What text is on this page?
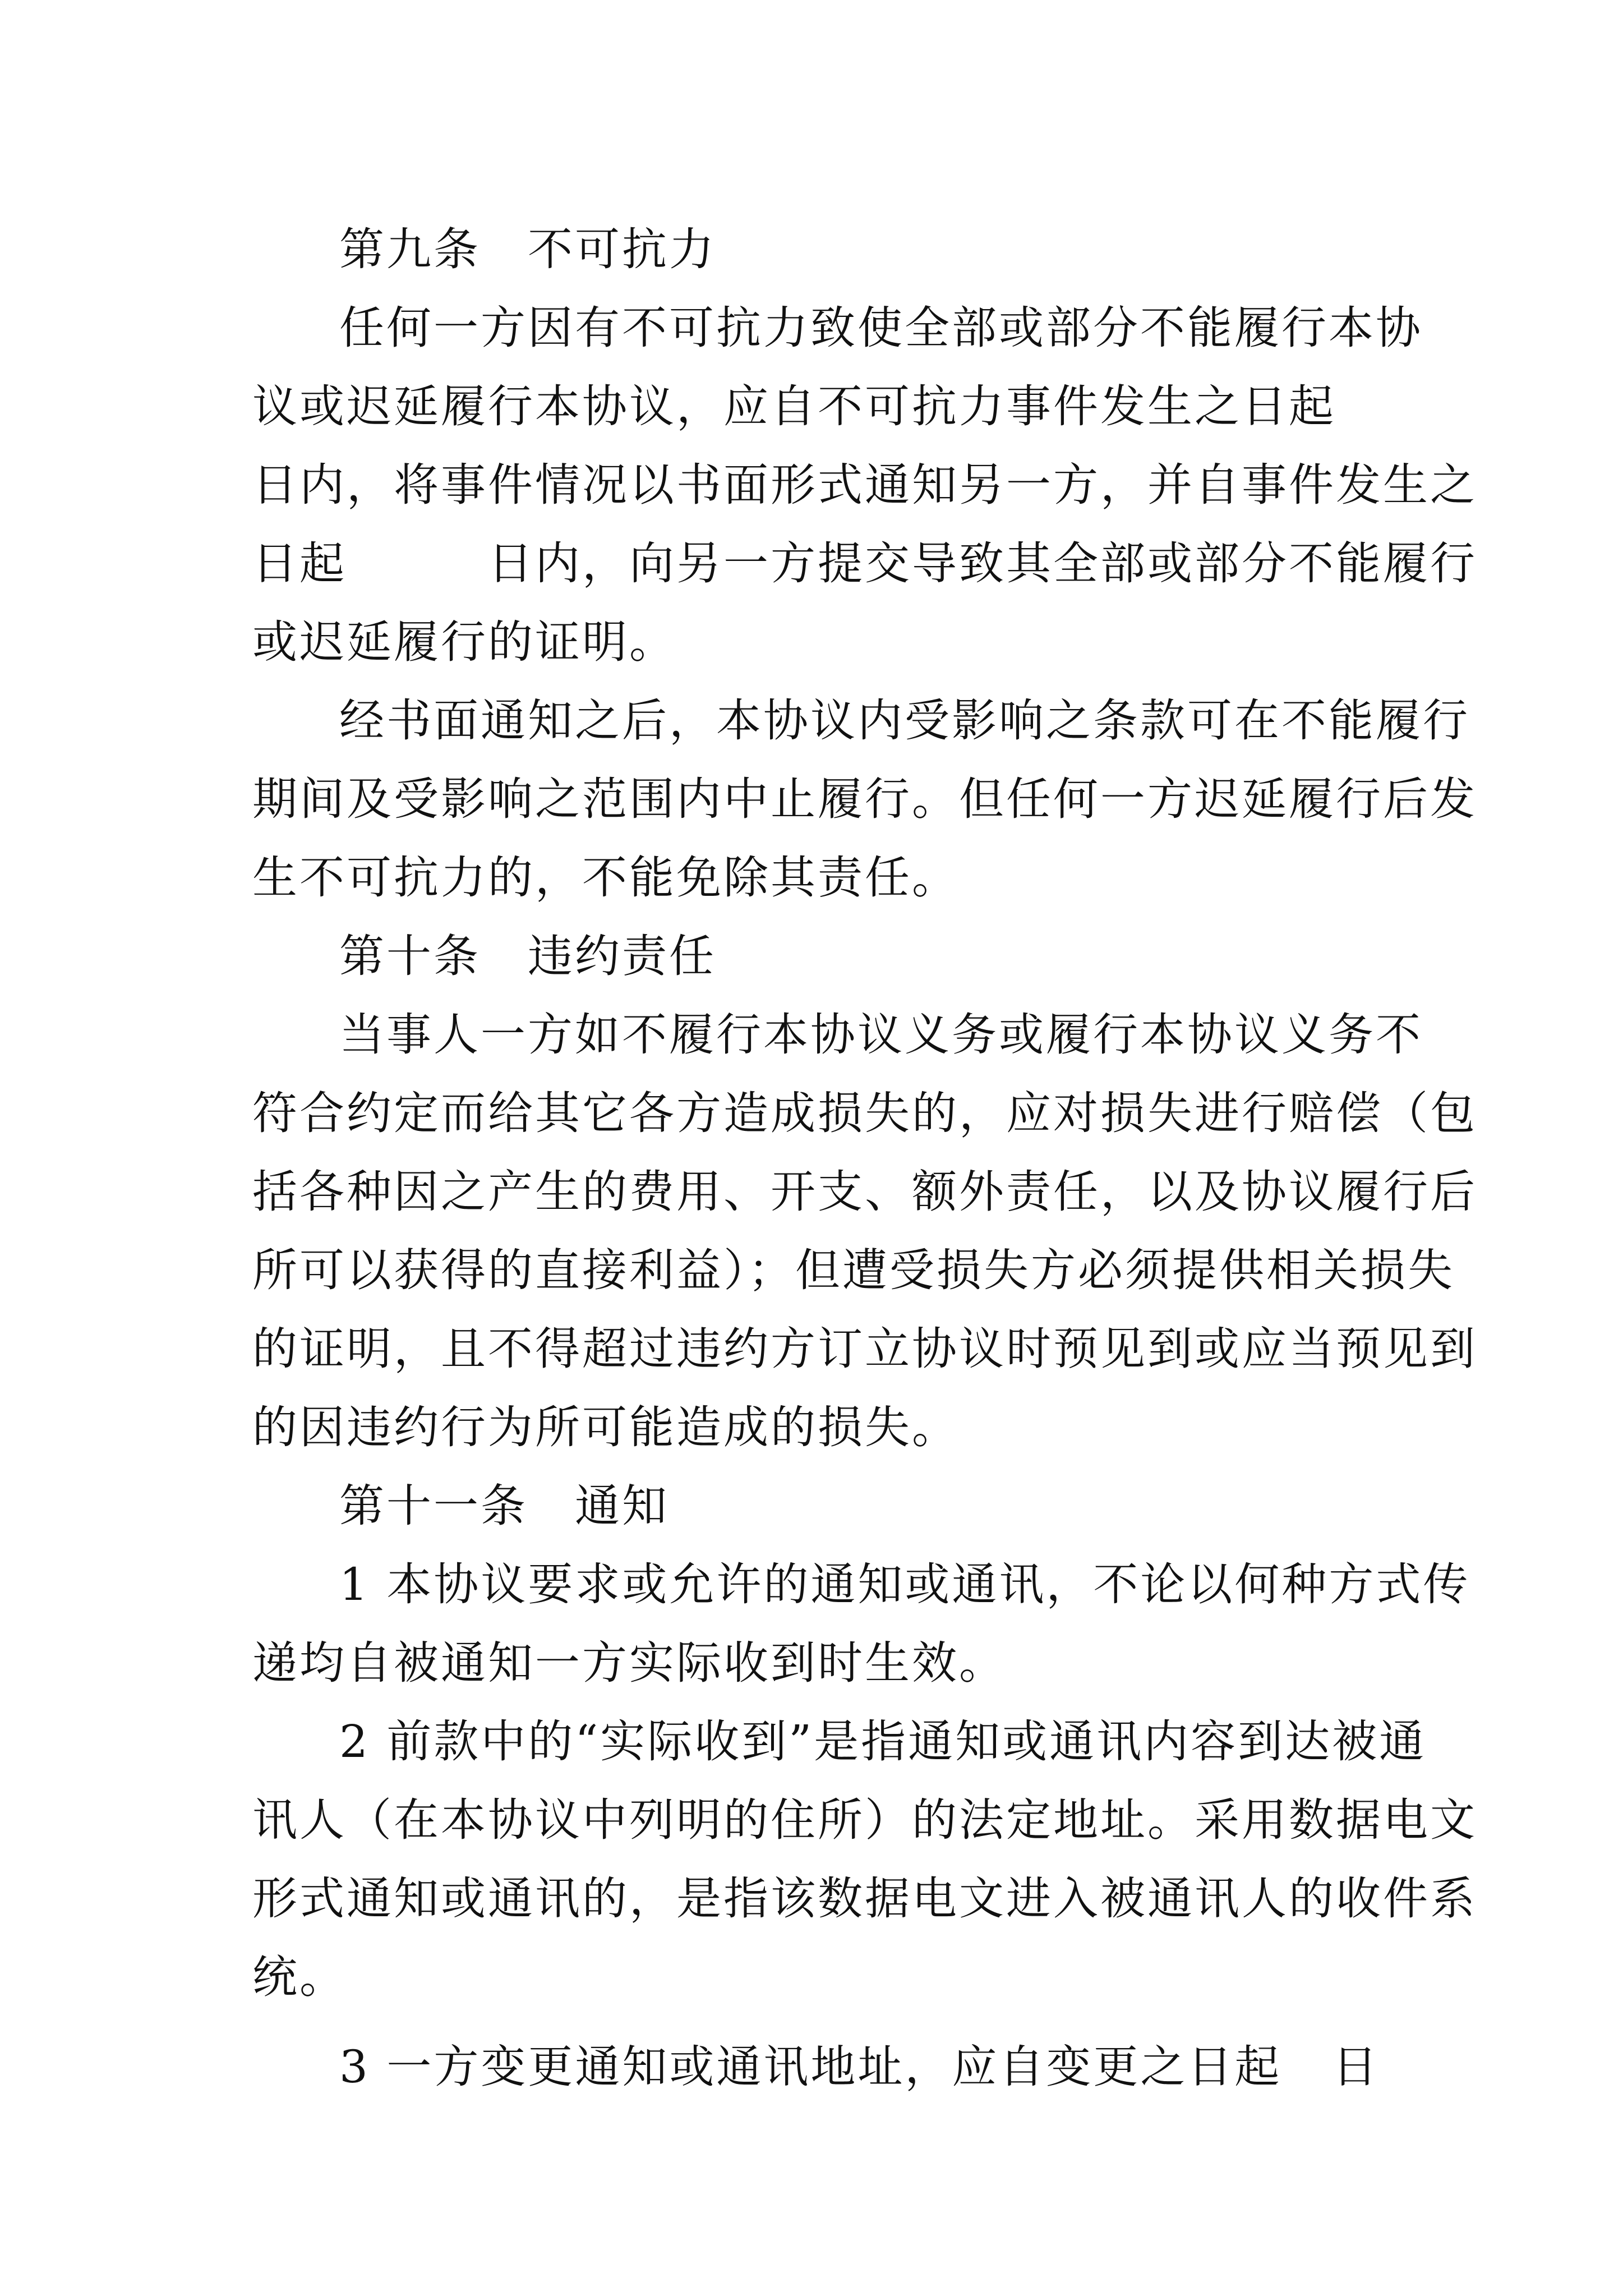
第九条　不可抗力
任何一方因有不可抗力致使全部或部分不能履行本协
议或迟延履行本协议，应自不可抗力事件发生之日起
日内，将事件情况以书面形式通知另一方，并自事件发生之
日起　　　日内，向另一方提交导致其全部或部分不能履行
或迟延履行的证明。
经书面通知之后，本协议内受影响之条款可在不能履行
期间及受影响之范围内中止履行。但任何一方迟延履行后发
生不可抗力的，不能免除其责任。
第十条　违约责任
当事人一方如不履行本协议义务或履行本协议义务不
符合约定而给其它各方造成损失的，应对损失进行赔偿（包
括各种因之产生的费用、开支、额外责任，以及协议履行后
所可以获得的直接利益）；但遭受损失方必须提供相关损失
的证明，且不得超过违约方订立协议时预见到或应当预见到
的因违约行为所可能造成的损失。
第十一条　通知
1 本协议要求或允许的通知或通讯，不论以何种方式传
递均自被通知一方实际收到时生效。
2 前款中的“实际收到”是指通知或通讯内容到达被通
讯人（在本协议中列明的住所）的法定地址。采用数据电文
形式通知或通讯的，是指该数据电文进入被通讯人的收件系
统。
3 一方变更通知或通讯地址，应自变更之日起 日
